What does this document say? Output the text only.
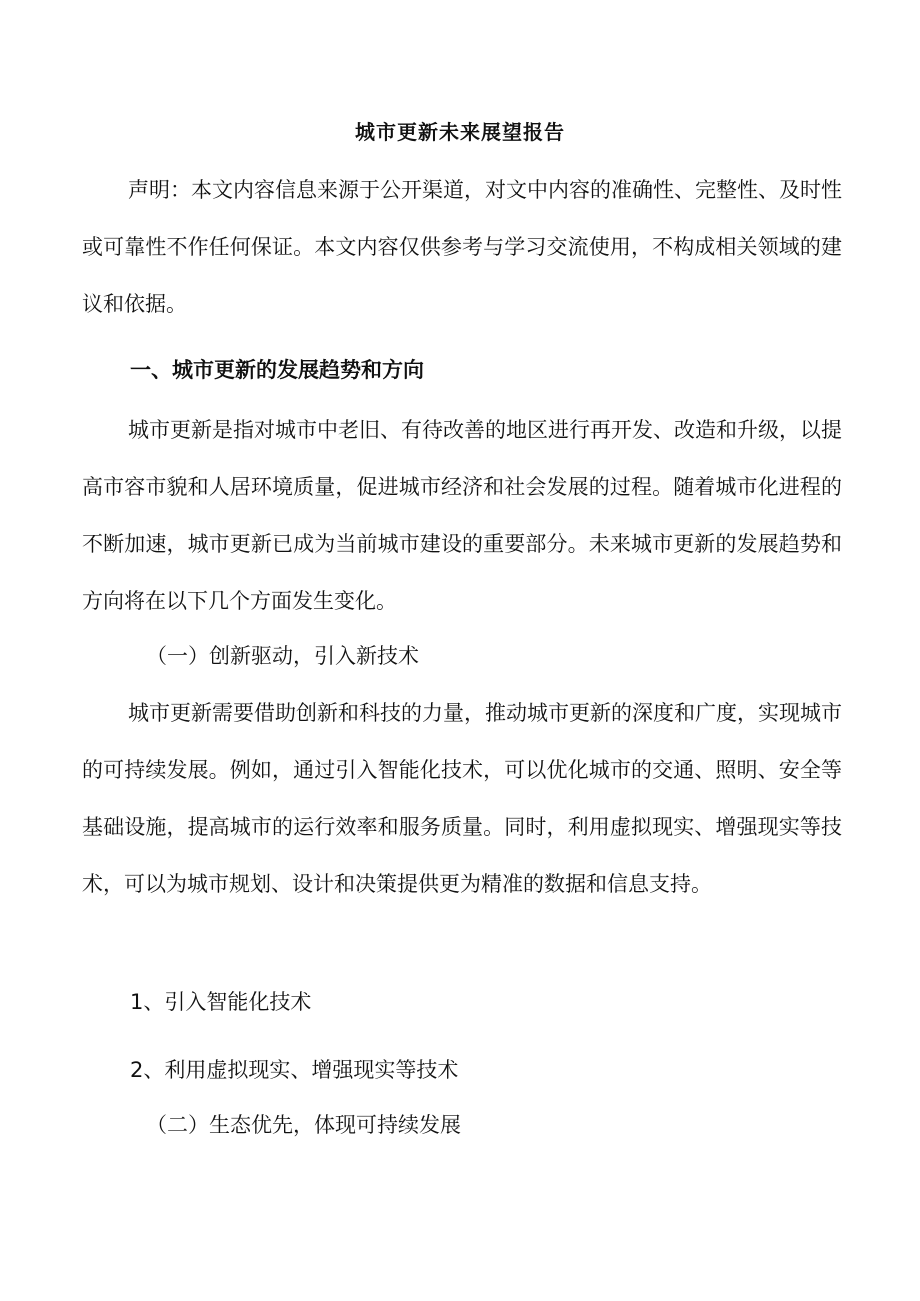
城市更新未来展望报告

声明：本文内容信息来源于公开渠道，对文中内容的准确性、完整性、及时性或可靠性不作任何保证。本文内容仅供参考与学习交流使用，不构成相关领域的建议和依据。

一、城市更新的发展趋势和方向

城市更新是指对城市中老旧、有待改善的地区进行再开发、改造和升级，以提高市容市貌和人居环境质量，促进城市经济和社会发展的过程。随着城市化进程的不断加速，城市更新已成为当前城市建设的重要部分。未来城市更新的发展趋势和方向将在以下几个方面发生变化。

（一）创新驱动，引入新技术

城市更新需要借助创新和科技的力量，推动城市更新的深度和广度，实现城市的可持续发展。例如，通过引入智能化技术，可以优化城市的交通、照明、安全等基础设施，提高城市的运行效率和服务质量。同时，利用虚拟现实、增强现实等技术，可以为城市规划、设计和决策提供更为精准的数据和信息支持。

1、引入智能化技术
2、利用虚拟现实、增强现实等技术
（二）生态优先，体现可持续发展
